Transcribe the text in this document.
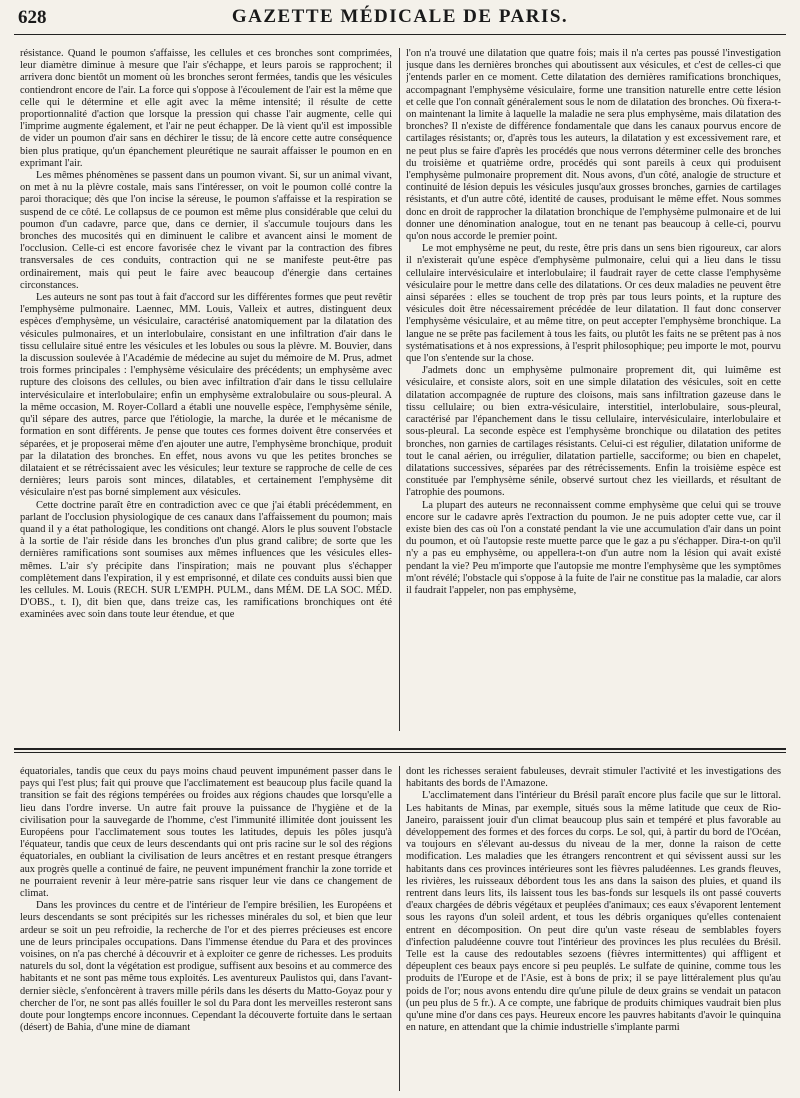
628	GAZETTE MÉDICALE DE PARIS.

résistance. Quand le poumon s'affaisse, les cellules et ces bronches sont comprimées, leur diamètre diminue à mesure que l'air s'échappe, et leurs parois se rapprochent; il arrivera donc bientôt un moment où les bronches seront fermées, tandis que les vésicules contiendront encore de l'air. La force qui s'oppose à l'écoulement de l'air est la même que celle qui le détermine et elle agit avec la même intensité; il résulte de cette proportionnalité d'action que lorsque la pression qui chasse l'air augmente, celle qui l'imprime augmente également, et l'air ne peut échapper. De là vient qu'il est impossible de vider un poumon d'air sans en déchirer le tissu; de là encore cette autre conséquence bien plus pratique, qu'un épanchement pleurétique ne saurait affaisser le poumon en en exprimant l'air.

Les mêmes phénomènes se passent dans un poumon vivant. Si, sur un animal vivant, on met à nu la plèvre costale, mais sans l'intéresser, on voit le poumon collé contre la paroi thoracique; dès que l'on incise la séreuse, le poumon s'affaisse et la respiration se suspend de ce côté. Le collapsus de ce poumon est même plus considérable que celui du poumon d'un cadavre, parce que, dans ce dernier, il s'accumule toujours dans les bronches des mucosités qui en diminuent le calibre et avancent ainsi le moment de l'occlusion. Celle-ci est encore favorisée chez le vivant par la contraction des fibres transversales de ces conduits, contraction qui ne se manifeste peut-être pas ordinairement, mais qui peut le faire avec beaucoup d'énergie dans certaines circonstances.

Les auteurs ne sont pas tout à fait d'accord sur les différentes formes que peut revêtir l'emphysème pulmonaire. Laennec, MM. Louis, Valleix et autres, distinguent deux espèces d'emphysème, un vésiculaire, caractérisé anatomiquement par la dilatation des vésicules pulmonaires, et un interlobulaire, consistant en une infiltration d'air dans le tissu cellulaire situé entre les vésicules et les lobules ou sous la plèvre. M. Bouvier, dans la discussion soulevée à l'Académie de médecine au sujet du mémoire de M. Prus, admet trois formes principales : l'emphysème vésiculaire des précédents; un emphysème avec rupture des cloisons des cellules, ou bien avec infiltration d'air dans le tissu cellulaire intervésiculaire et interlobulaire; enfin un emphysème extralobulaire ou sous-pleural. A la même occasion, M. Royer-Collard a établi une nouvelle espèce, l'emphysème sénile, qu'il sépare des autres, parce que l'étiologie, la marche, la durée et le mécanisme de formation en sont différents. Je pense que toutes ces formes doivent être conservées et séparées, et je proposerai même d'en ajouter une autre, l'emphysème bronchique, produit par la dilatation des bronches. En effet, nous avons vu que les petites bronches se dilataient et se rétrécissaient avec les vésicules; leur texture se rapproche de celle de ces dernières; leurs parois sont minces, dilatables, et certainement l'emphysème dit vésiculaire n'est pas borné simplement aux vésicules.

Cette doctrine paraît être en contradiction avec ce que j'ai établi précédemment, en parlant de l'occlusion physiologique de ces canaux dans l'affaissement du poumon; mais quand il y a état pathologique, les conditions ont changé. Alors le plus souvent l'obstacle à la sortie de l'air réside dans les bronches d'un plus grand calibre; de sorte que les dernières ramifications sont soumises aux mêmes influences que les vésicules elles-mêmes. L'air s'y précipite dans l'inspiration; mais ne pouvant plus s'échapper complètement dans l'expiration, il y est emprisonné, et dilate ces conduits aussi bien que les cellules. M. Louis (RECH. SUR L'EMPH. PULM., dans MÉM. DE LA SOC. MÉD. D'OBS., t. I), dit bien que, dans treize cas, les ramifications bronchiques ont été examinées avec soin dans toute leur étendue, et que

l'on n'a trouvé une dilatation que quatre fois; mais il n'a certes pas poussé l'investigation jusque dans les dernières bronches qui aboutissent aux vésicules, et c'est de celles-ci que j'entends parler en ce moment. Cette dilatation des dernières ramifications bronchiques, accompagnant l'emphysème vésiculaire, forme une transition naturelle entre cette lésion et celle que l'on connaît généralement sous le nom de dilatation des bronches. Où fixera-t-on maintenant la limite à laquelle la maladie ne sera plus emphysème, mais dilatation des bronches? Il n'existe de différence fondamentale que dans les canaux pourvus encore de cartilages résistants; or, d'après tous les auteurs, la dilatation y est excessivement rare, et ne peut plus se faire d'après les procédés que nous verrons déterminer celle des bronches du troisième et quatrième ordre, procédés qui sont pareils à ceux qui produisent l'emphysème pulmonaire proprement dit. Nous avons, d'un côté, analogie de structure et continuité de lésion depuis les vésicules jusqu'aux grosses bronches, garnies de cartilages résistants, et d'un autre côté, identité de causes, produisant le même effet. Nous sommes donc en droit de rapprocher la dilatation bronchique de l'emphysème pulmonaire et de lui donner une dénomination analogue, tout en ne tenant pas beaucoup à celle-ci, pourvu qu'on nous accorde le premier point.

Le mot emphysème ne peut, du reste, être pris dans un sens bien rigoureux, car alors il n'existerait qu'une espèce d'emphysème pulmonaire, celui qui a lieu dans le tissu cellulaire intervésiculaire et interlobulaire; il faudrait rayer de cette classe l'emphysème vésiculaire pour le mettre dans celle des dilatations. Or ces deux maladies ne peuvent être ainsi séparées : elles se touchent de trop près par tous leurs points, et la rupture des vésicules doit être nécessairement précédée de leur dilatation. Il faut donc conserver l'emphysème vésiculaire, et au même titre, on peut accepter l'emphysème bronchique. La langue ne se prête pas facilement à tous les faits, ou plutôt les faits ne se prêtent pas à nos systématisations et à nos expressions, à l'esprit philosophique; peu importe le mot, pourvu que l'on s'entende sur la chose.

J'admets donc un emphysème pulmonaire proprement dit, qui luimême est vésiculaire, et consiste alors, soit en une simple dilatation des vésicules, soit en cette dilatation accompagnée de rupture des cloisons, mais sans infiltration gazeuse dans le tissu cellulaire; ou bien extra-vésiculaire, interstitiel, interlobulaire, sous-pleural, caractérisé par l'épanchement dans le tissu cellulaire, intervésiculaire, interlobulaire et sous-pleural. La seconde espèce est l'emphysème bronchique ou dilatation des petites bronches, non garnies de cartilages résistants. Celui-ci est régulier, dilatation uniforme de tout le canal aérien, ou irrégulier, dilatation partielle, sacciforme; ou bien en chapelet, dilatations successives, séparées par des rétrécissements. Enfin la troisième espèce est constituée par l'emphysème sénile, observé surtout chez les vieillards, et résultant de l'atrophie des poumons.

La plupart des auteurs ne reconnaissent comme emphysème que celui qui se trouve encore sur le cadavre après l'extraction du poumon. Je ne puis adopter cette vue, car il existe bien des cas où l'on a constaté pendant la vie une accumulation d'air dans un point du poumon, et où l'autopsie reste muette parce que le gaz a pu s'échapper. Dira-t-on qu'il n'y a pas eu emphysème, ou appellera-t-on d'un autre nom la lésion qui avait existé pendant la vie? Peu m'importe que l'autopsie me montre l'emphysème que les symptômes m'ont révélé; l'obstacle qui s'oppose à la fuite de l'air ne constitue pas la maladie, car alors il faudrait l'appeler, non pas emphysème,

équatoriales, tandis que ceux du pays moins chaud peuvent impunément passer dans le pays qui l'est plus; fait qui prouve que l'acclimatement est beaucoup plus facile quand la transition se fait des régions tempérées ou froides aux régions chaudes que lorsqu'elle a lieu dans l'ordre inverse. Un autre fait prouve la puissance de l'hygiène et de la civilisation pour la sauvegarde de l'homme, c'est l'immunité illimitée dont jouissent les Européens pour l'acclimatement sous toutes les latitudes, depuis les pôles jusqu'à l'équateur, tandis que ceux de leurs descendants qui ont pris racine sur le sol des régions équatoriales, en oubliant la civilisation de leurs ancêtres et en restant presque étrangers aux progrès quelle a continué de faire, ne peuvent impunément franchir la zone torride et ne pourraient revenir à leur mère-patrie sans risquer leur vie dans ce changement de climat.

Dans les provinces du centre et de l'intérieur de l'empire brésilien, les Européens et leurs descendants se sont précipités sur les richesses minérales du sol, et bien que leur ardeur se soit un peu refroidie, la recherche de l'or et des pierres précieuses est encore une de leurs principales occupations. Dans l'immense étendue du Para et des provinces voisines, on n'a pas cherché à découvrir et à exploiter ce genre de richesses. Les produits naturels du sol, dont la végétation est prodigue, suffisent aux besoins et au commerce des habitants et ne sont pas même tous exploités. Les aventureux Paulistos qui, dans l'avant-dernier siècle, s'enfoncèrent à travers mille périls dans les déserts du Matto-Goyaz pour y chercher de l'or, ne sont pas allés fouiller le sol du Para dont les merveilles resteront sans doute pour longtemps encore inconnues. Cependant la découverte fortuite dans le sertaan (désert) de Bahia, d'une mine de diamant

dont les richesses seraient fabuleuses, devrait stimuler l'activité et les investigations des habitants des bords de l'Amazone.

L'acclimatement dans l'intérieur du Brésil paraît encore plus facile que sur le littoral. Les habitants de Minas, par exemple, situés sous la même latitude que ceux de Rio-Janeiro, paraissent jouir d'un climat beaucoup plus sain et tempéré et plus favorable au développement des formes et des forces du corps. Le sol, qui, à partir du bord de l'Océan, va toujours en s'élevant au-dessus du niveau de la mer, donne la raison de cette modification. Les maladies que les étrangers rencontrent et qui sévissent aussi sur les habitants dans ces provinces intérieures sont les fièvres paludéennes. Les grands fleuves, les rivières, les ruisseaux débordent tous les ans dans la saison des pluies, et quand ils rentrent dans leurs lits, ils laissent tous les bas-fonds sur lesquels ils ont passé couverts d'eaux chargées de débris végétaux et peuplées d'animaux; ces eaux s'évaporent lentement sous les rayons d'un soleil ardent, et tous les débris organiques qu'elles contenaient entrent en décomposition. On peut dire qu'un vaste réseau de semblables foyers d'infection paludéenne couvre tout l'intérieur des provinces les plus reculées du Brésil. Telle est la cause des redoutables sezoens (fièvres intermittentes) qui affligent et dépeuplent ces beaux pays encore si peu peuplés. Le sulfate de quinine, comme tous les produits de l'Europe et de l'Asie, est à bons de prix; il se paye littéralement plus qu'au poids de l'or; nous avons entendu dire qu'une pilule de deux grains se vendait un patacon (un peu plus de 5 fr.). A ce compte, une fabrique de produits chimiques vaudrait bien plus qu'une mine d'or dans ces pays. Heureux encore les pauvres habitants d'avoir le quinquina en nature, en attendant que la chimie industrielle s'implante parmi
